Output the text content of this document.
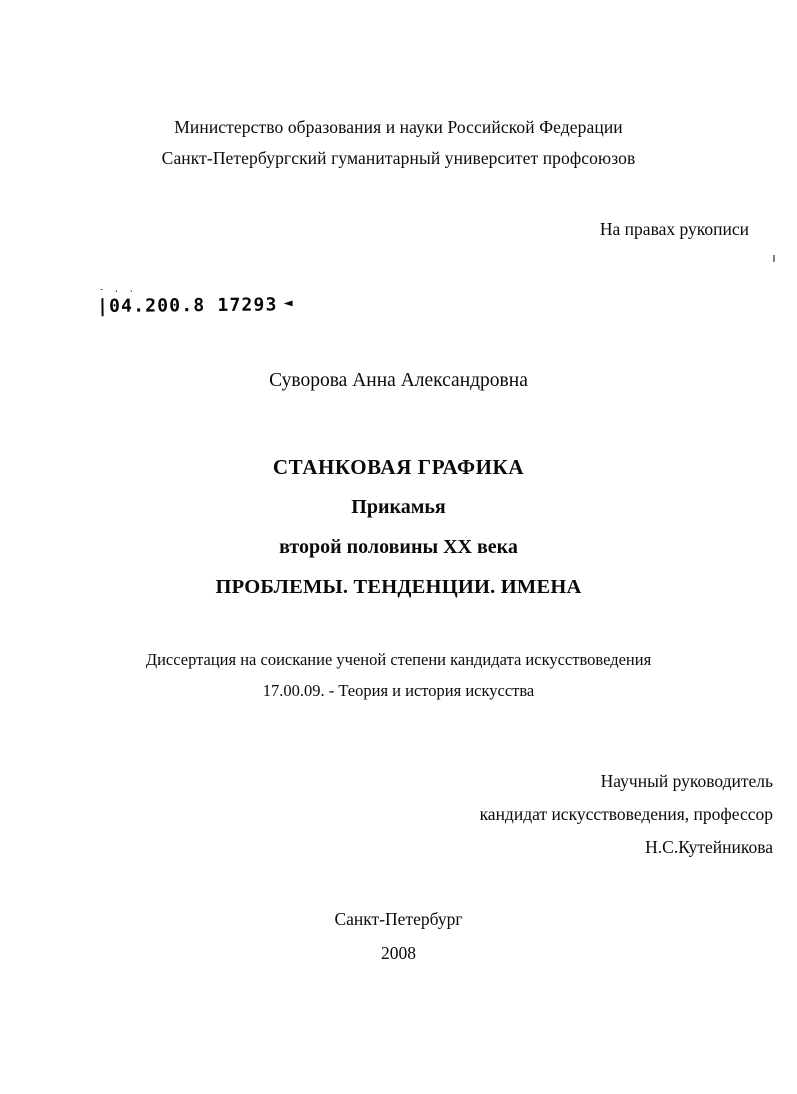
Министерство образования и науки Российской Федерации
Санкт-Петербургский гуманитарный университет профсоюзов
На правах рукописи
- . .
|04.200.8 17293 ◄
Суворова Анна Александровна
СТАНКОВАЯ ГРАФИКА
Прикамья
второй половины XX века
ПРОБЛЕМЫ. ТЕНДЕНЦИИ. ИМЕНА
Диссертация на соискание ученой степени кандидата искусствоведения
17.00.09. - Теория и история искусства
Научный руководитель
кандидат искусствоведения, профессор
Н.С.Кутейникова
Санкт-Петербург
2008
